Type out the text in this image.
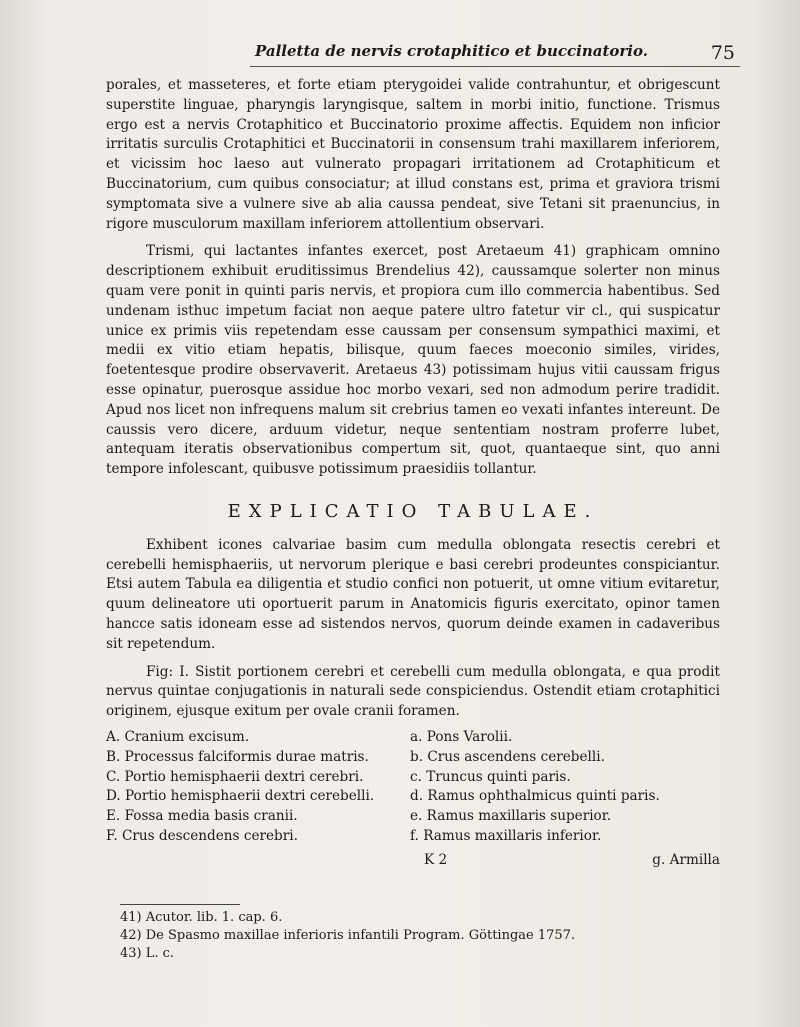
Palletta de nervis crotaphitico et buccinatorio.	75

porales, et masseteres, et forte etiam pterygoidei valide contrahuntur, et obrigescunt superstite linguae, pharyngis laryngisque, saltem in morbi initio, functione. Trismus ergo est a nervis Crotaphitico et Buccinatorio proxime affectis. Equidem non inficior irritatis surculis Crotaphitici et Buccinatorii in consensum trahi maxillarem inferiorem, et vicissim hoc laeso aut vulnerato propagari irritationem ad Crotaphiticum et Buccinatorium, cum quibus consociatur; at illud constans est, prima et graviora trismi symptomata sive a vulnere sive ab alia caussa pendeat, sive Tetani sit praenuncius, in rigore musculorum maxillam inferiorem attollentium observari.

Trismi, qui lactantes infantes exercet, post Aretaeum 41) graphicam omnino descriptionem exhibuit eruditissimus Brendelius 42), caussamque solerter non minus quam vere ponit in quinti paris nervis, et propiora cum illo commercia habentibus. Sed undenam isthuc impetum faciat non aeque patere ultro fatetur vir cl., qui suspicatur unice ex primis viis repetendam esse caussam per consensum sympathici maximi, et medii ex vitio etiam hepatis, bilisque, quum faeces moeconio similes, virides, foetentesque prodire observaverit. Aretaeus 43) potissimam hujus vitii caussam frigus esse opinatur, puerosque assidue hoc morbo vexari, sed non admodum perire tradidit. Apud nos licet non infrequens malum sit crebrius tamen eo vexati infantes intereunt. De caussis vero dicere, arduum videtur, neque sententiam nostram proferre lubet, antequam iteratis observationibus compertum sit, quot, quantaeque sint, quo anni tempore infolescant, quibusve potissimum praesidiis tollantur.

EXPLICATIO TABULAE.

Exhibent icones calvariae basim cum medulla oblongata resectis cerebri et cerebelli hemisphaeriis, ut nervorum plerique e basi cerebri prodeuntes conspiciantur. Etsi autem Tabula ea diligentia et studio confici non potuerit, ut omne vitium evitaretur, quum delineatore uti oportuerit parum in Anatomicis figuris exercitato, opinor tamen hancce satis idoneam esse ad sistendos nervos, quorum deinde examen in cadaveribus sit repetendum.

Fig: I. Sistit portionem cerebri et cerebelli cum medulla oblongata, e qua prodit nervus quintae conjugationis in naturali sede conspiciendus. Ostendit etiam crotaphitici originem, ejusque exitum per ovale cranii foramen.

A. Cranium excisum.
B. Processus falciformis durae matris.
C. Portio hemisphaerii dextri cerebri.
D. Portio hemisphaerii dextri cerebelli.
E. Fossa media basis cranii.
F. Crus descendens cerebri.
a. Pons Varolii.
b. Crus ascendens cerebelli.
c. Truncus quinti paris.
d. Ramus ophthalmicus quinti paris.
e. Ramus maxillaris superior.
f. Ramus maxillaris inferior.
K 2	g. Armilla
41) Acutor. lib. 1. cap. 6.
42) De Spasmo maxillae inferioris infantili Program. Göttingae 1757.
43) L. c.
